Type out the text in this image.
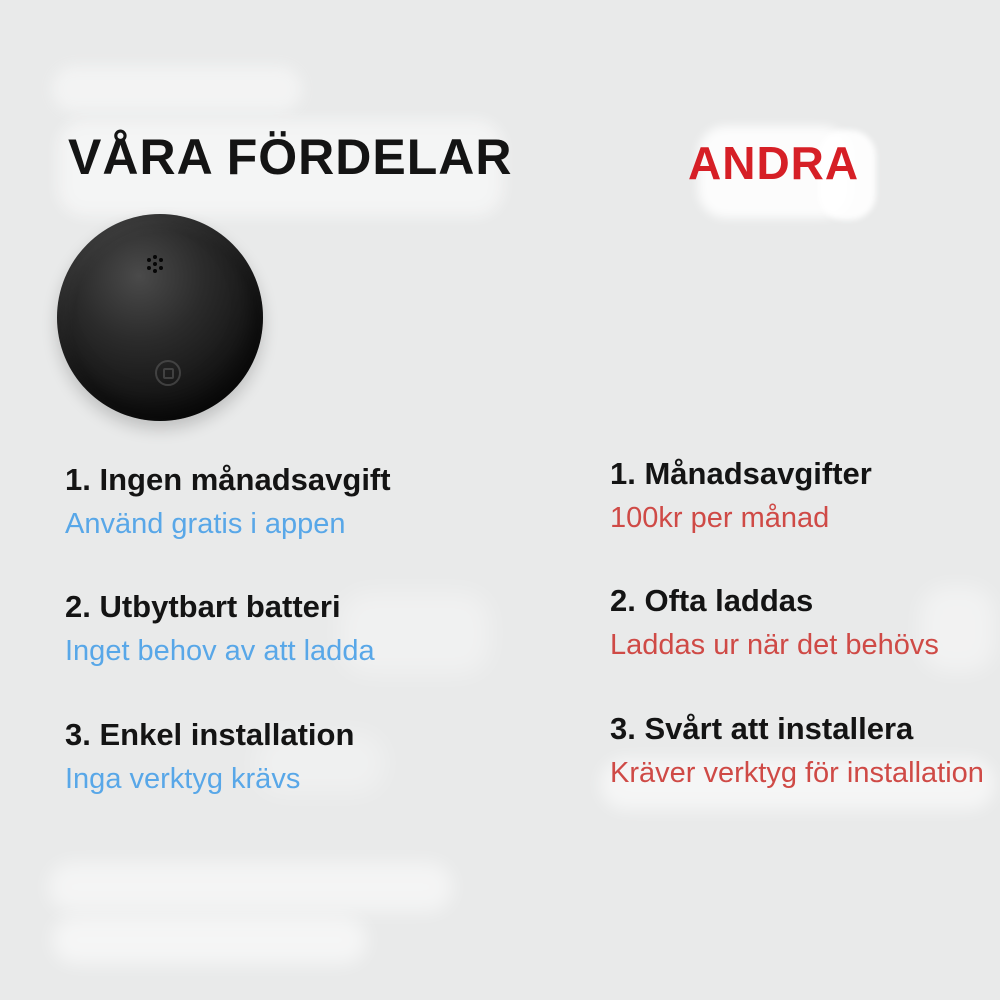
VÅRA FÖRDELAR	ANDRA

1. Ingen månadsavgift

Använd gratis i appen

2. Utbytbart batteri

Inget behov av att ladda

3. Enkel installation

Inga verktyg krävs

1. Månadsavgifter

100kr per månad

2. Ofta laddas

Laddas ur när det behövs

3. Svårt att installera

Kräver verktyg för installation
